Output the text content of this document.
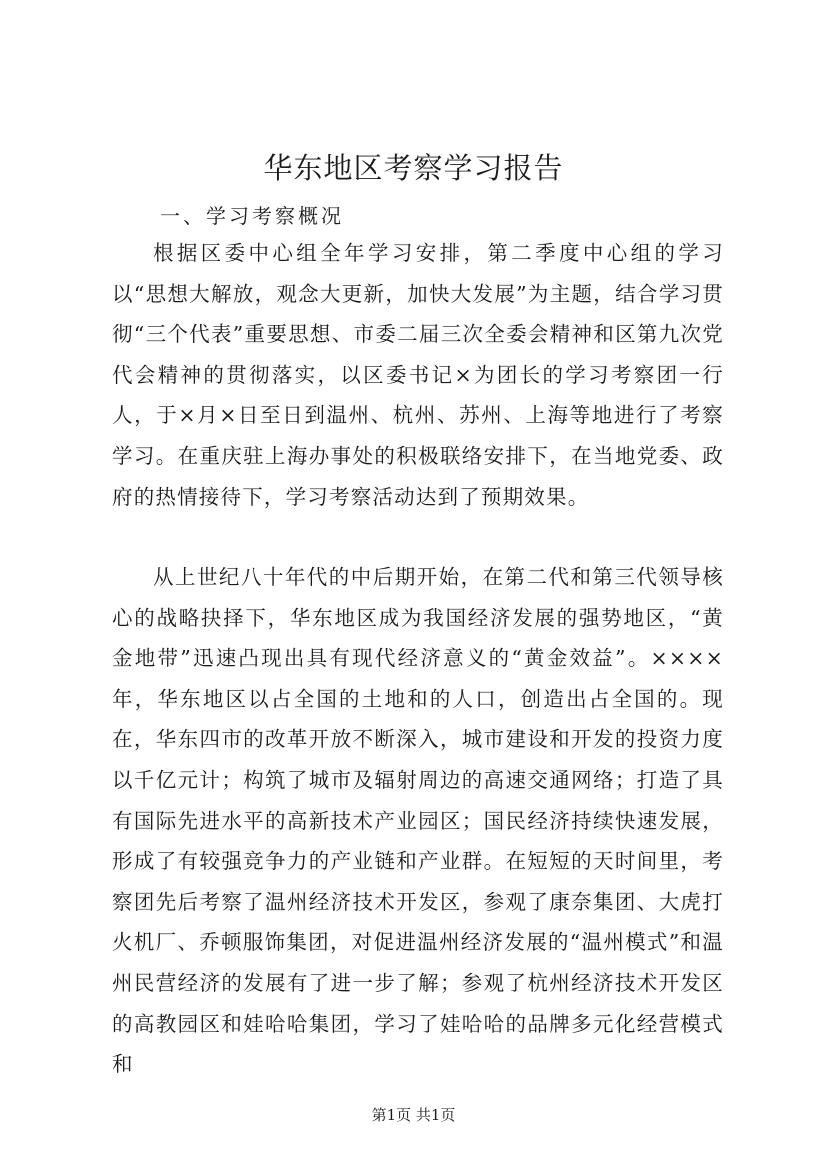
华东地区考察学习报告

一、学习考察概况

根据区委中心组全年学习安排，第二季度中心组的学习以“思想大解放，观念大更新，加快大发展”为主题，结合学习贯彻“三个代表”重要思想、市委二届三次全委会精神和区第九次党代会精神的贯彻落实，以区委书记×为团长的学习考察团一行人，于×月×日至日到温州、杭州、苏州、上海等地进行了考察学习。在重庆驻上海办事处的积极联络安排下，在当地党委、政府的热情接待下，学习考察活动达到了预期效果。

从上世纪八十年代的中后期开始，在第二代和第三代领导核心的战略抉择下，华东地区成为我国经济发展的强势地区，“黄金地带”迅速凸现出具有现代经济意义的“黄金效益”。××××年，华东地区以占全国的土地和的人口，创造出占全国的。现在，华东四市的改革开放不断深入，城市建设和开发的投资力度以千亿元计；构筑了城市及辐射周边的高速交通网络；打造了具有国际先进水平的高新技术产业园区；国民经济持续快速发展，形成了有较强竞争力的产业链和产业群。在短短的天时间里，考察团先后考察了温州经济技术开发区，参观了康奈集团、大虎打火机厂、乔顿服饰集团，对促进温州经济发展的“温州模式”和温州民营经济的发展有了进一步了解；参观了杭州经济技术开发区的高教园区和娃哈哈集团，学习了娃哈哈的品牌多元化经营模式和

第1页 共1页
